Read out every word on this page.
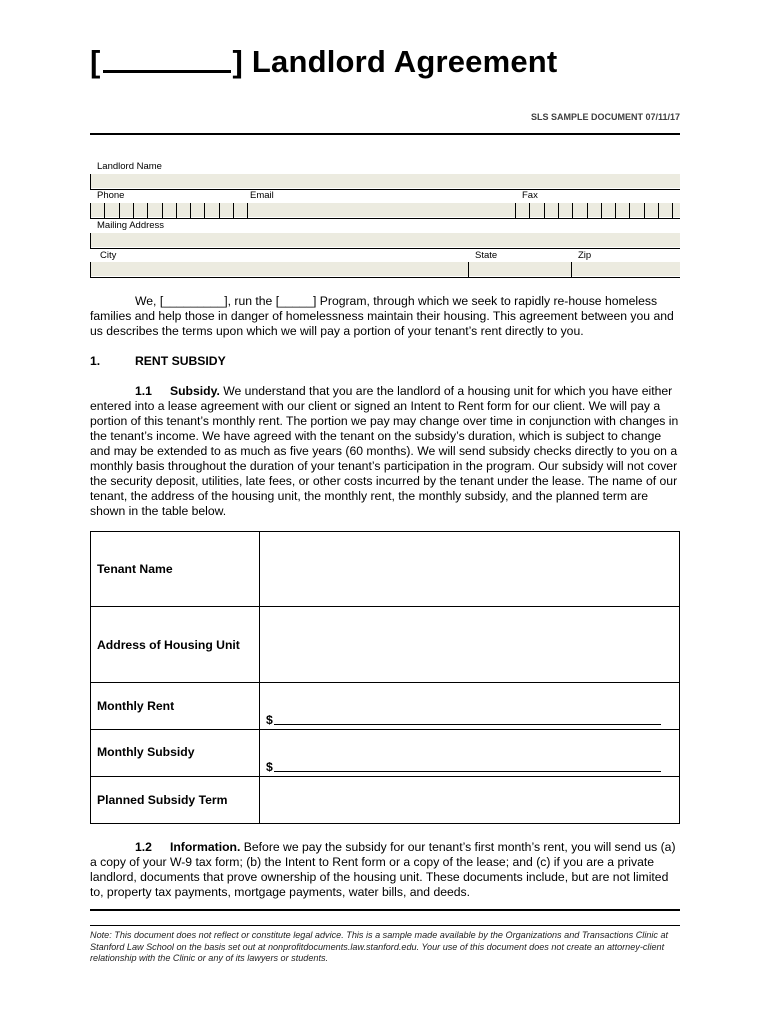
[	] Landlord Agreement
SLS SAMPLE DOCUMENT 07/11/17
Landlord Name
Phone	Email	Fax
Mailing Address
City	State	Zip
We, [_________], run the [_____] Program, through which we seek to rapidly re-house homeless families and help those in danger of homelessness maintain their housing. This agreement between you and us describes the terms upon which we will pay a portion of your tenant’s rent directly to you.
1.	RENT SUBSIDY
1.1 Subsidy. We understand that you are the landlord of a housing unit for which you have either entered into a lease agreement with our client or signed an Intent to Rent form for our client. We will pay a portion of this tenant’s monthly rent. The portion we pay may change over time in conjunction with changes in the tenant’s income. We have agreed with the tenant on the subsidy’s duration, which is subject to change and may be extended to as much as five years (60 months). We will send subsidy checks directly to you on a monthly basis throughout the duration of your tenant’s participation in the program. Our subsidy will not cover the security deposit, utilities, late fees, or other costs incurred by the tenant under the lease. The name of our tenant, the address of the housing unit, the monthly rent, the monthly subsidy, and the planned term are shown in the table below.
Tenant Name	
Address of Housing Unit	
Monthly Rent	$

Monthly Subsidy	$

Planned Subsidy Term	
1.2 Information. Before we pay the subsidy for our tenant’s first month’s rent, you will send us (a) a copy of your W-9 tax form; (b) the Intent to Rent form or a copy of the lease; and (c) if you are a private landlord, documents that prove ownership of the housing unit. These documents include, but are not limited to, property tax payments, mortgage payments, water bills, and deeds.
Note: This document does not reflect or constitute legal advice. This is a sample made available by the Organizations and Transactions Clinic at Stanford Law School on the basis set out at nonprofitdocuments.law.stanford.edu. Your use of this document does not create an attorney-client relationship with the Clinic or any of its lawyers or students.
